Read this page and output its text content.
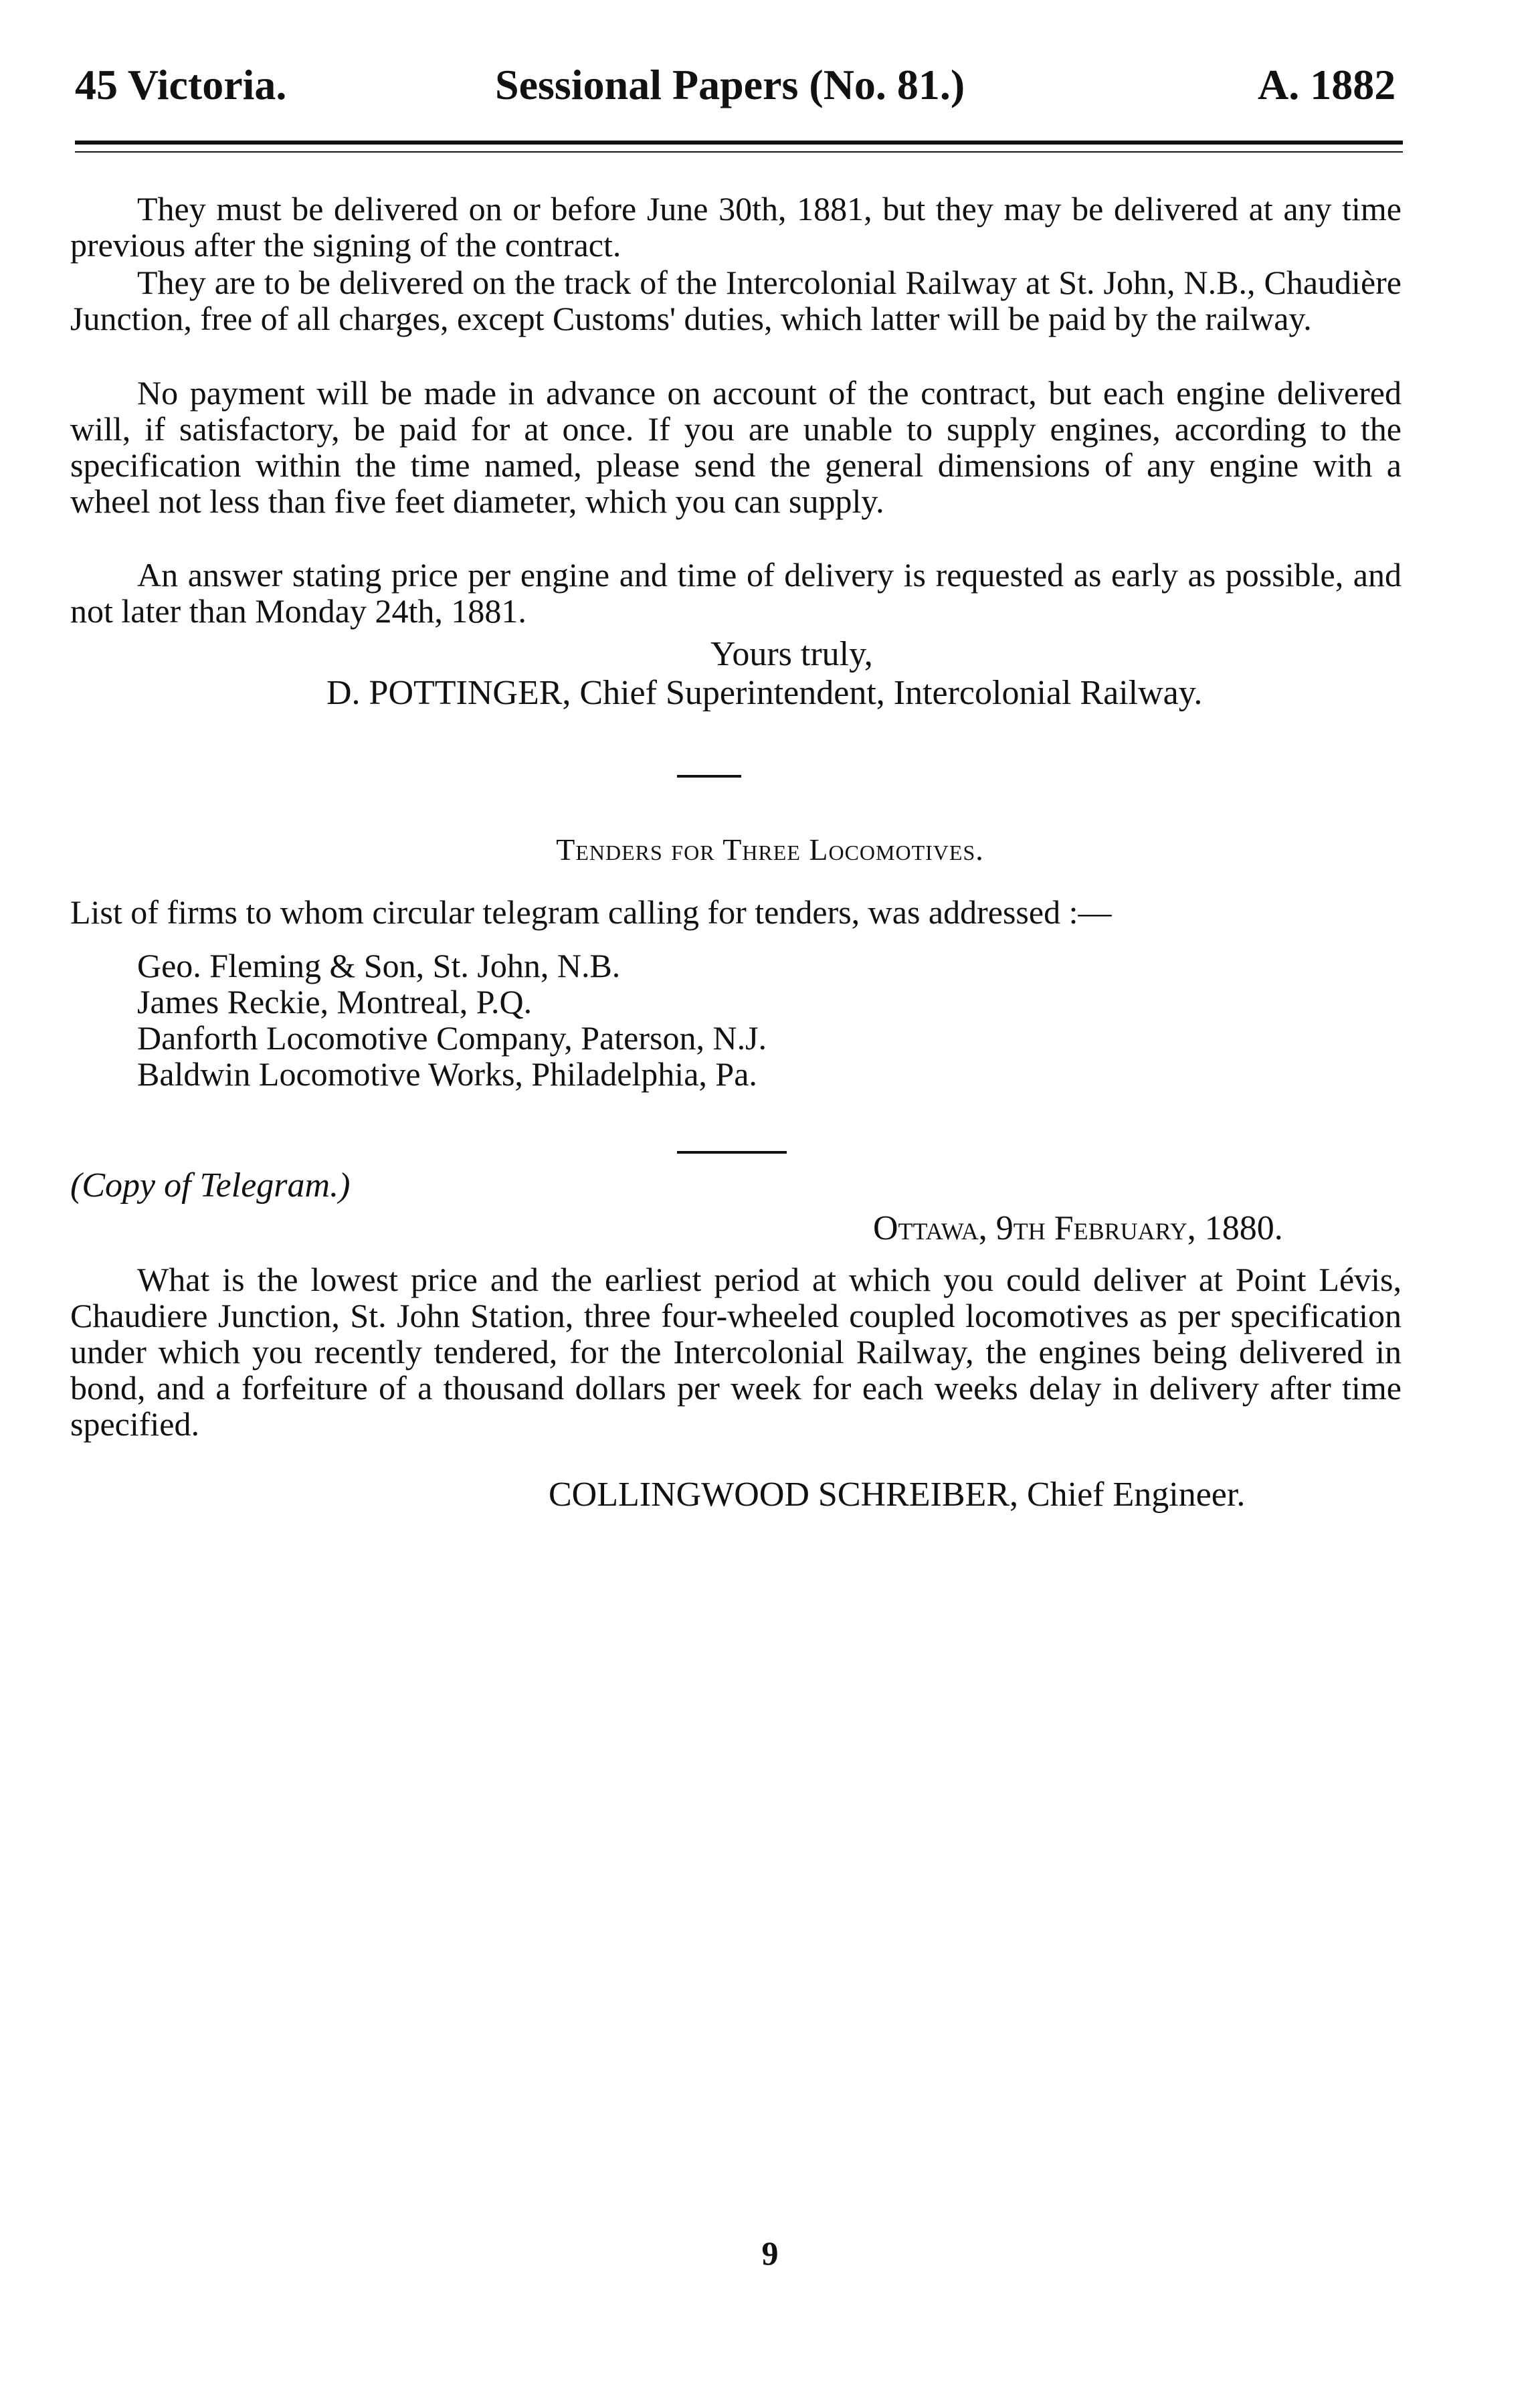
45 Victoria.	Sessional Papers (No. 81.)	A. 1882
They must be delivered on or before June 30th, 1881, but they may be delivered at any time previous after the signing of the contract.
They are to be delivered on the track of the Intercolonial Railway at St. John, N.B., Chaudière Junction, free of all charges, except Customs' duties, which latter will be paid by the railway.
No payment will be made in advance on account of the contract, but each engine delivered will, if satisfactory, be paid for at once. If you are unable to supply engines, according to the specification within the time named, please send the general dimensions of any engine with a wheel not less than five feet diameter, which you can supply.
An answer stating price per engine and time of delivery is requested as early as possible, and not later than Monday 24th, 1881.
Yours truly,
D. POTTINGER, Chief Superintendent, Intercolonial Railway.
Tenders for Three Locomotives.
List of firms to whom circular telegram calling for tenders, was addressed :—
Geo. Fleming & Son, St. John, N.B.
James Reckie, Montreal, P.Q.
Danforth Locomotive Company, Paterson, N.J.
Baldwin Locomotive Works, Philadelphia, Pa.
(Copy of Telegram.)
Ottawa, 9th February, 1880.
What is the lowest price and the earliest period at which you could deliver at Point Lévis, Chaudiere Junction, St. John Station, three four-wheeled coupled locomotives as per specification under which you recently tendered, for the Intercolonial Railway, the engines being delivered in bond, and a forfeiture of a thousand dollars per week for each weeks delay in delivery after time specified.
COLLINGWOOD SCHREIBER, Chief Engineer.
9
